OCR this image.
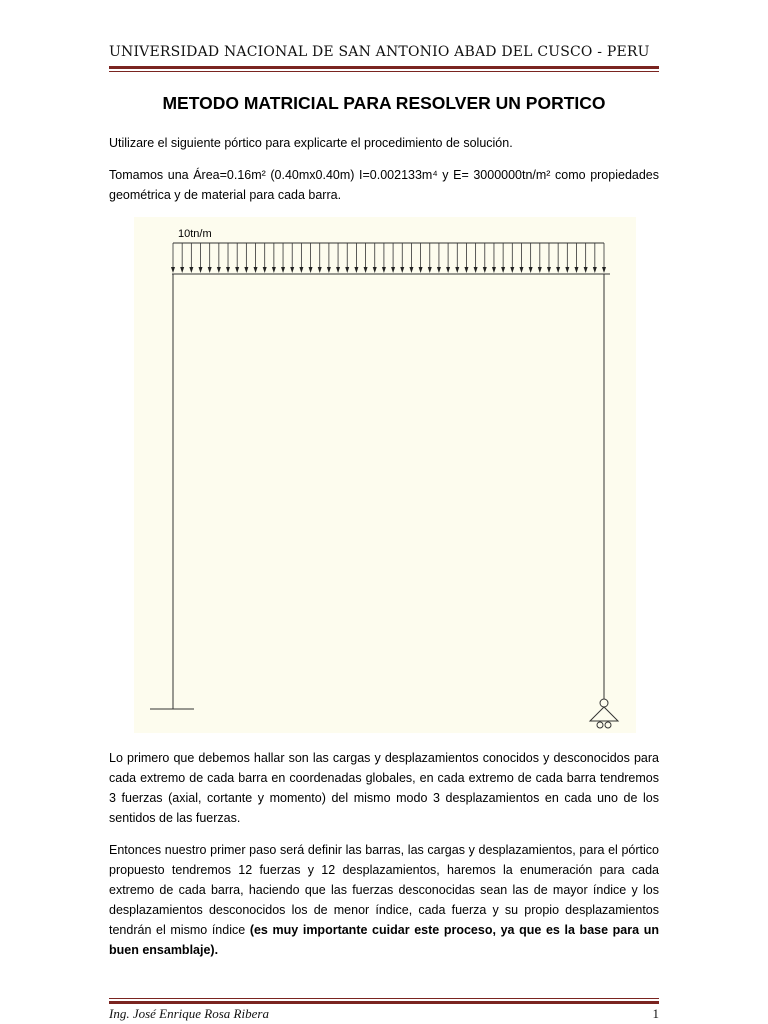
UNIVERSIDAD NACIONAL DE SAN ANTONIO ABAD DEL CUSCO - PERU
METODO MATRICIAL PARA RESOLVER UN PORTICO
Utilizare el siguiente pórtico para explicarte el procedimiento de solución.
Tomamos una Área=0.16m² (0.40mx0.40m) I=0.002133m⁴ y E= 3000000tn/m² como propiedades geométrica y de material para cada barra.
10tn/m
Lo primero que debemos hallar son las cargas y desplazamientos conocidos y desconocidos para cada extremo de cada barra en coordenadas globales, en cada extremo de cada barra tendremos 3 fuerzas (axial, cortante y momento) del mismo modo 3 desplazamientos en cada uno de los sentidos de las fuerzas.
Entonces nuestro primer paso será definir las barras, las cargas y desplazamientos, para el pórtico propuesto tendremos 12 fuerzas y 12 desplazamientos, haremos la enumeración para cada extremo de cada barra, haciendo que las fuerzas desconocidas sean las de mayor índice y los desplazamientos desconocidos los de menor índice, cada fuerza y su propio desplazamientos tendrán el mismo índice (es muy importante cuidar este proceso, ya que es la base para un buen ensamblaje).
Ing. José Enrique Rosa Ribera	1
